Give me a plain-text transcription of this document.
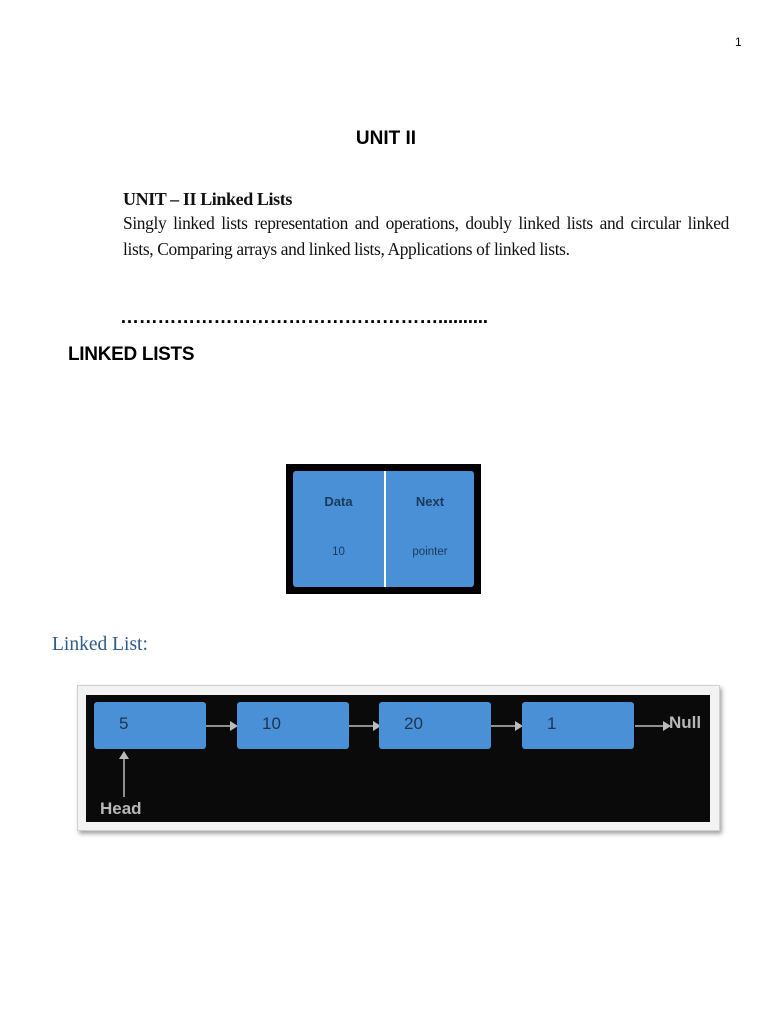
1
UNIT II
UNIT – II Linked Lists
Singly linked lists representation and operations, doubly linked lists and circular linked lists, Comparing arrays and linked lists, Applications of linked lists.
……………………………………………..........
LINKED LISTS
Data
10
Next
pointer
Linked List:
5	10	20	1	Null
Head
